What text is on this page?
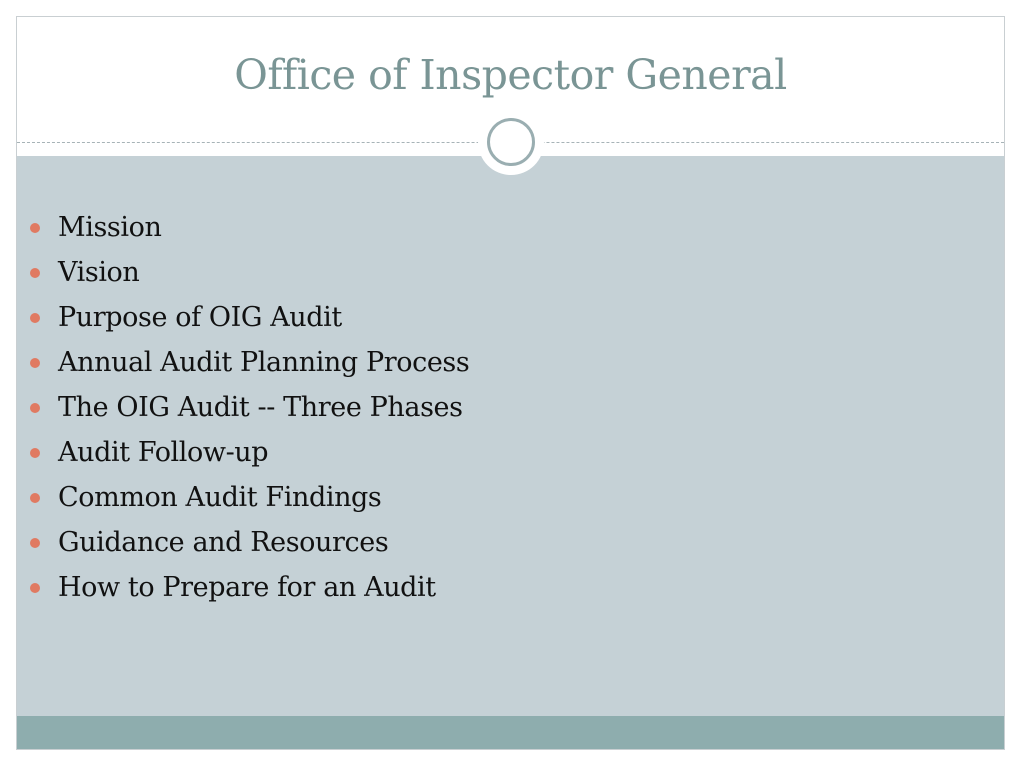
Office of Inspector General
Mission
Vision
Purpose of OIG Audit
Annual Audit Planning Process
The OIG Audit -- Three Phases
Audit Follow-up
Common Audit Findings
Guidance and Resources
How to Prepare for an Audit
